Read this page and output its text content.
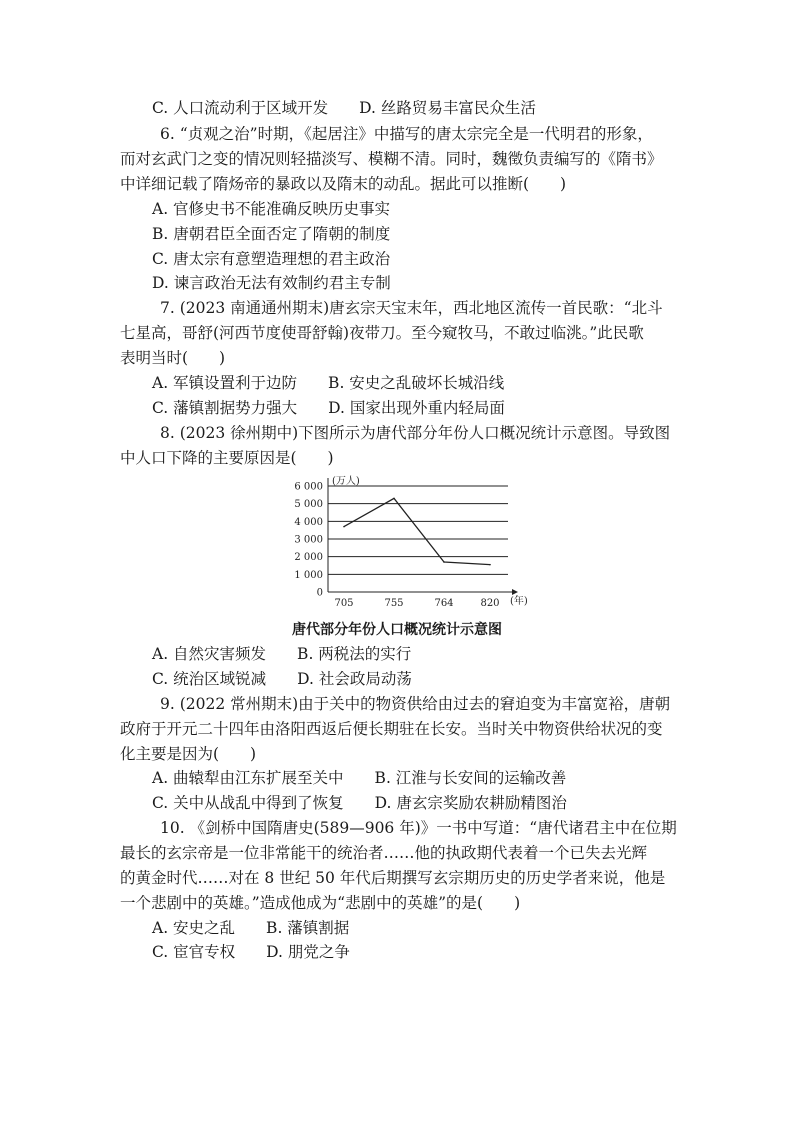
C. 人口流动利于区域开发　　D. 丝路贸易丰富民众生活
6. “贞观之治”时期，《起居注》中描写的唐太宗完全是一代明君的形象，
而对玄武门之变的情况则轻描淡写、模糊不清。同时，魏徵负责编写的《隋书》
中详细记载了隋炀帝的暴政以及隋末的动乱。据此可以推断(　　)
A. 官修史书不能准确反映历史事实
B. 唐朝君臣全面否定了隋朝的制度
C. 唐太宗有意塑造理想的君主政治
D. 谏言政治无法有效制约君主专制
7. (2023 南通通州期末)唐玄宗天宝末年，西北地区流传一首民歌：“北斗
七星高，哥舒(河西节度使哥舒翰)夜带刀。至今窥牧马，不敢过临洮。”此民歌
表明当时(　　)
A. 军镇设置利于边防　　B. 安史之乱破坏长城沿线
C. 藩镇割据势力强大　　D. 国家出现外重内轻局面
8. (2023 徐州期中)下图所示为唐代部分年份人口概况统计示意图。导致图
中人口下降的主要原因是(　　)
0
1 000
2 000
3 000
4 000
5 000
6 000 (万人)
(年)
705	755	764	820
唐代部分年份人口概况统计示意图
A. 自然灾害频发　　B. 两税法的实行
C. 统治区域锐减　　D. 社会政局动荡
9. (2022 常州期末)由于关中的物资供给由过去的窘迫变为丰富宽裕，唐朝
政府于开元二十四年由洛阳西返后便长期驻在长安。当时关中物资供给状况的变
化主要是因为(　　)
A. 曲辕犁由江东扩展至关中　　B. 江淮与长安间的运输改善
C. 关中从战乱中得到了恢复　　D. 唐玄宗奖励农耕励精图治
10. 《剑桥中国隋唐史(589—906 年)》一书中写道：“唐代诸君主中在位期
最长的玄宗帝是一位非常能干的统治者……他的执政期代表着一个已失去光辉
的黄金时代……对在 8 世纪 50 年代后期撰写玄宗期历史的历史学者来说，他是
一个悲剧中的英雄。”造成他成为“悲剧中的英雄”的是(　　)
A. 安史之乱　　B. 藩镇割据
C. 宦官专权　　D. 朋党之争
